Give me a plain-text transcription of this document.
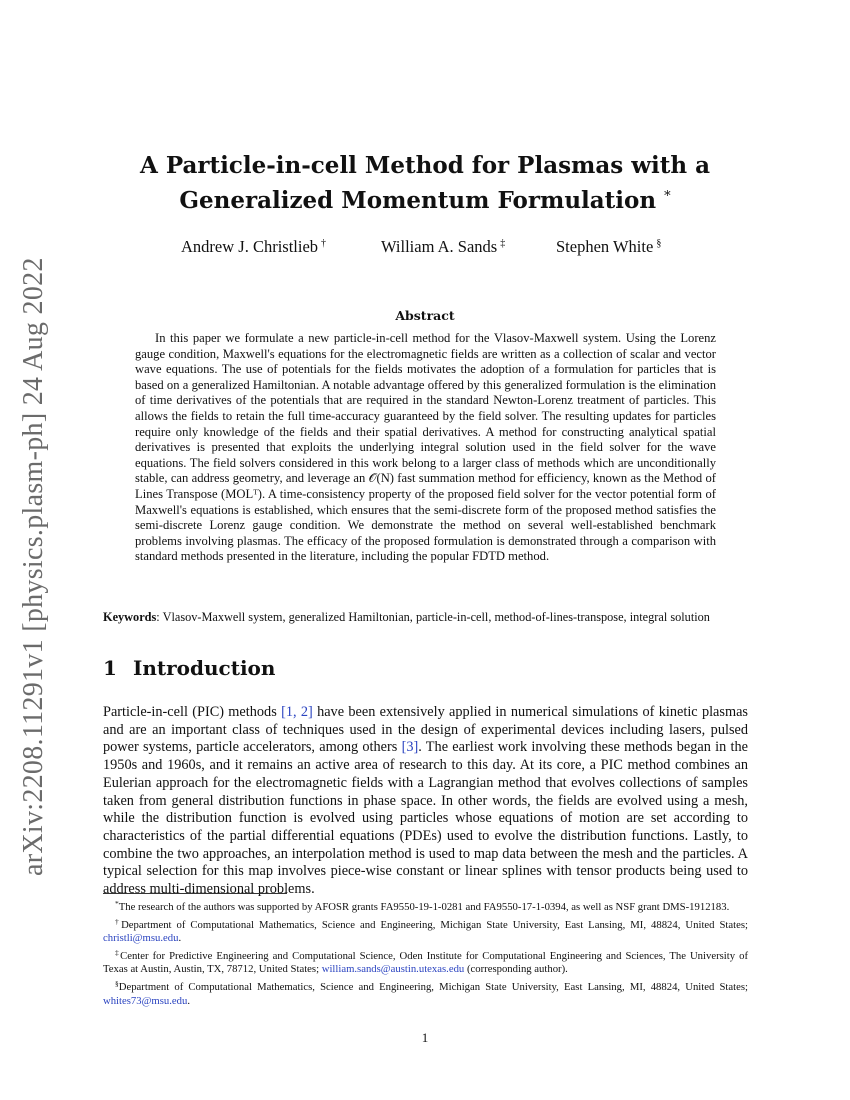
arXiv:2208.11291v1 [physics.plasm-ph] 24 Aug 2022
A Particle-in-cell Method for Plasmas with a
Generalized Momentum Formulation *
Andrew J. Christlieb †	William A. Sands ‡	Stephen White §
Abstract

In this paper we formulate a new particle-in-cell method for the Vlasov-Maxwell system. Using the Lorenz gauge condition, Maxwell's equations for the electromagnetic fields are written as a collection of scalar and vector wave equations. The use of potentials for the fields motivates the adoption of a formulation for particles that is based on a generalized Hamiltonian. A notable advantage offered by this generalized formulation is the elimination of time derivatives of the potentials that are required in the standard Newton-Lorenz treatment of particles. This allows the fields to retain the full time-accuracy guaranteed by the field solver. The resulting updates for particles require only knowledge of the fields and their spatial derivatives. A method for constructing analytical spatial derivatives is presented that exploits the underlying integral solution used in the field solver for the wave equations. The field solvers considered in this work belong to a larger class of methods which are unconditionally stable, can address geometry, and leverage an 𝒪(N) fast summation method for efficiency, known as the Method of Lines Transpose (MOLᵀ). A time-consistency property of the proposed field solver for the vector potential form of Maxwell's equations is established, which ensures that the semi-discrete form of the proposed method satisfies the semi-discrete Lorenz gauge condition. We demonstrate the method on several well-established benchmark problems involving plasmas. The efficacy of the proposed formulation is demonstrated through a comparison with standard methods presented in the literature, including the popular FDTD method.

Keywords: Vlasov-Maxwell system, generalized Hamiltonian, particle-in-cell, method-of-lines-transpose, integral solution
1 Introduction

Particle-in-cell (PIC) methods [1, 2] have been extensively applied in numerical simulations of kinetic plasmas and are an important class of techniques used in the design of experimental devices including lasers, pulsed power systems, particle accelerators, among others [3]. The earliest work involving these methods began in the 1950s and 1960s, and it remains an active area of research to this day. At its core, a PIC method combines an Eulerian approach for the electromagnetic fields with a Lagrangian method that evolves collections of samples taken from general distribution functions in phase space. In other words, the fields are evolved using a mesh, while the distribution function is evolved using particles whose equations of motion are set according to characteristics of the partial differential equations (PDEs) used to evolve the distribution functions. Lastly, to combine the two approaches, an interpolation method is used to map data between the mesh and the particles. A typical selection for this map involves piece-wise constant or linear splines with tensor products being used to address multi-dimensional problems.

*The research of the authors was supported by AFOSR grants FA9550-19-1-0281 and FA9550-17-1-0394, as well as NSF grant DMS-1912183.

†Department of Computational Mathematics, Science and Engineering, Michigan State University, East Lansing, MI, 48824, United States; christli@msu.edu.

‡Center for Predictive Engineering and Computational Science, Oden Institute for Computational Engineering and Sciences, The University of Texas at Austin, Austin, TX, 78712, United States; william.sands@austin.utexas.edu (corresponding author).

§Department of Computational Mathematics, Science and Engineering, Michigan State University, East Lansing, MI, 48824, United States; whites73@msu.edu.

1
